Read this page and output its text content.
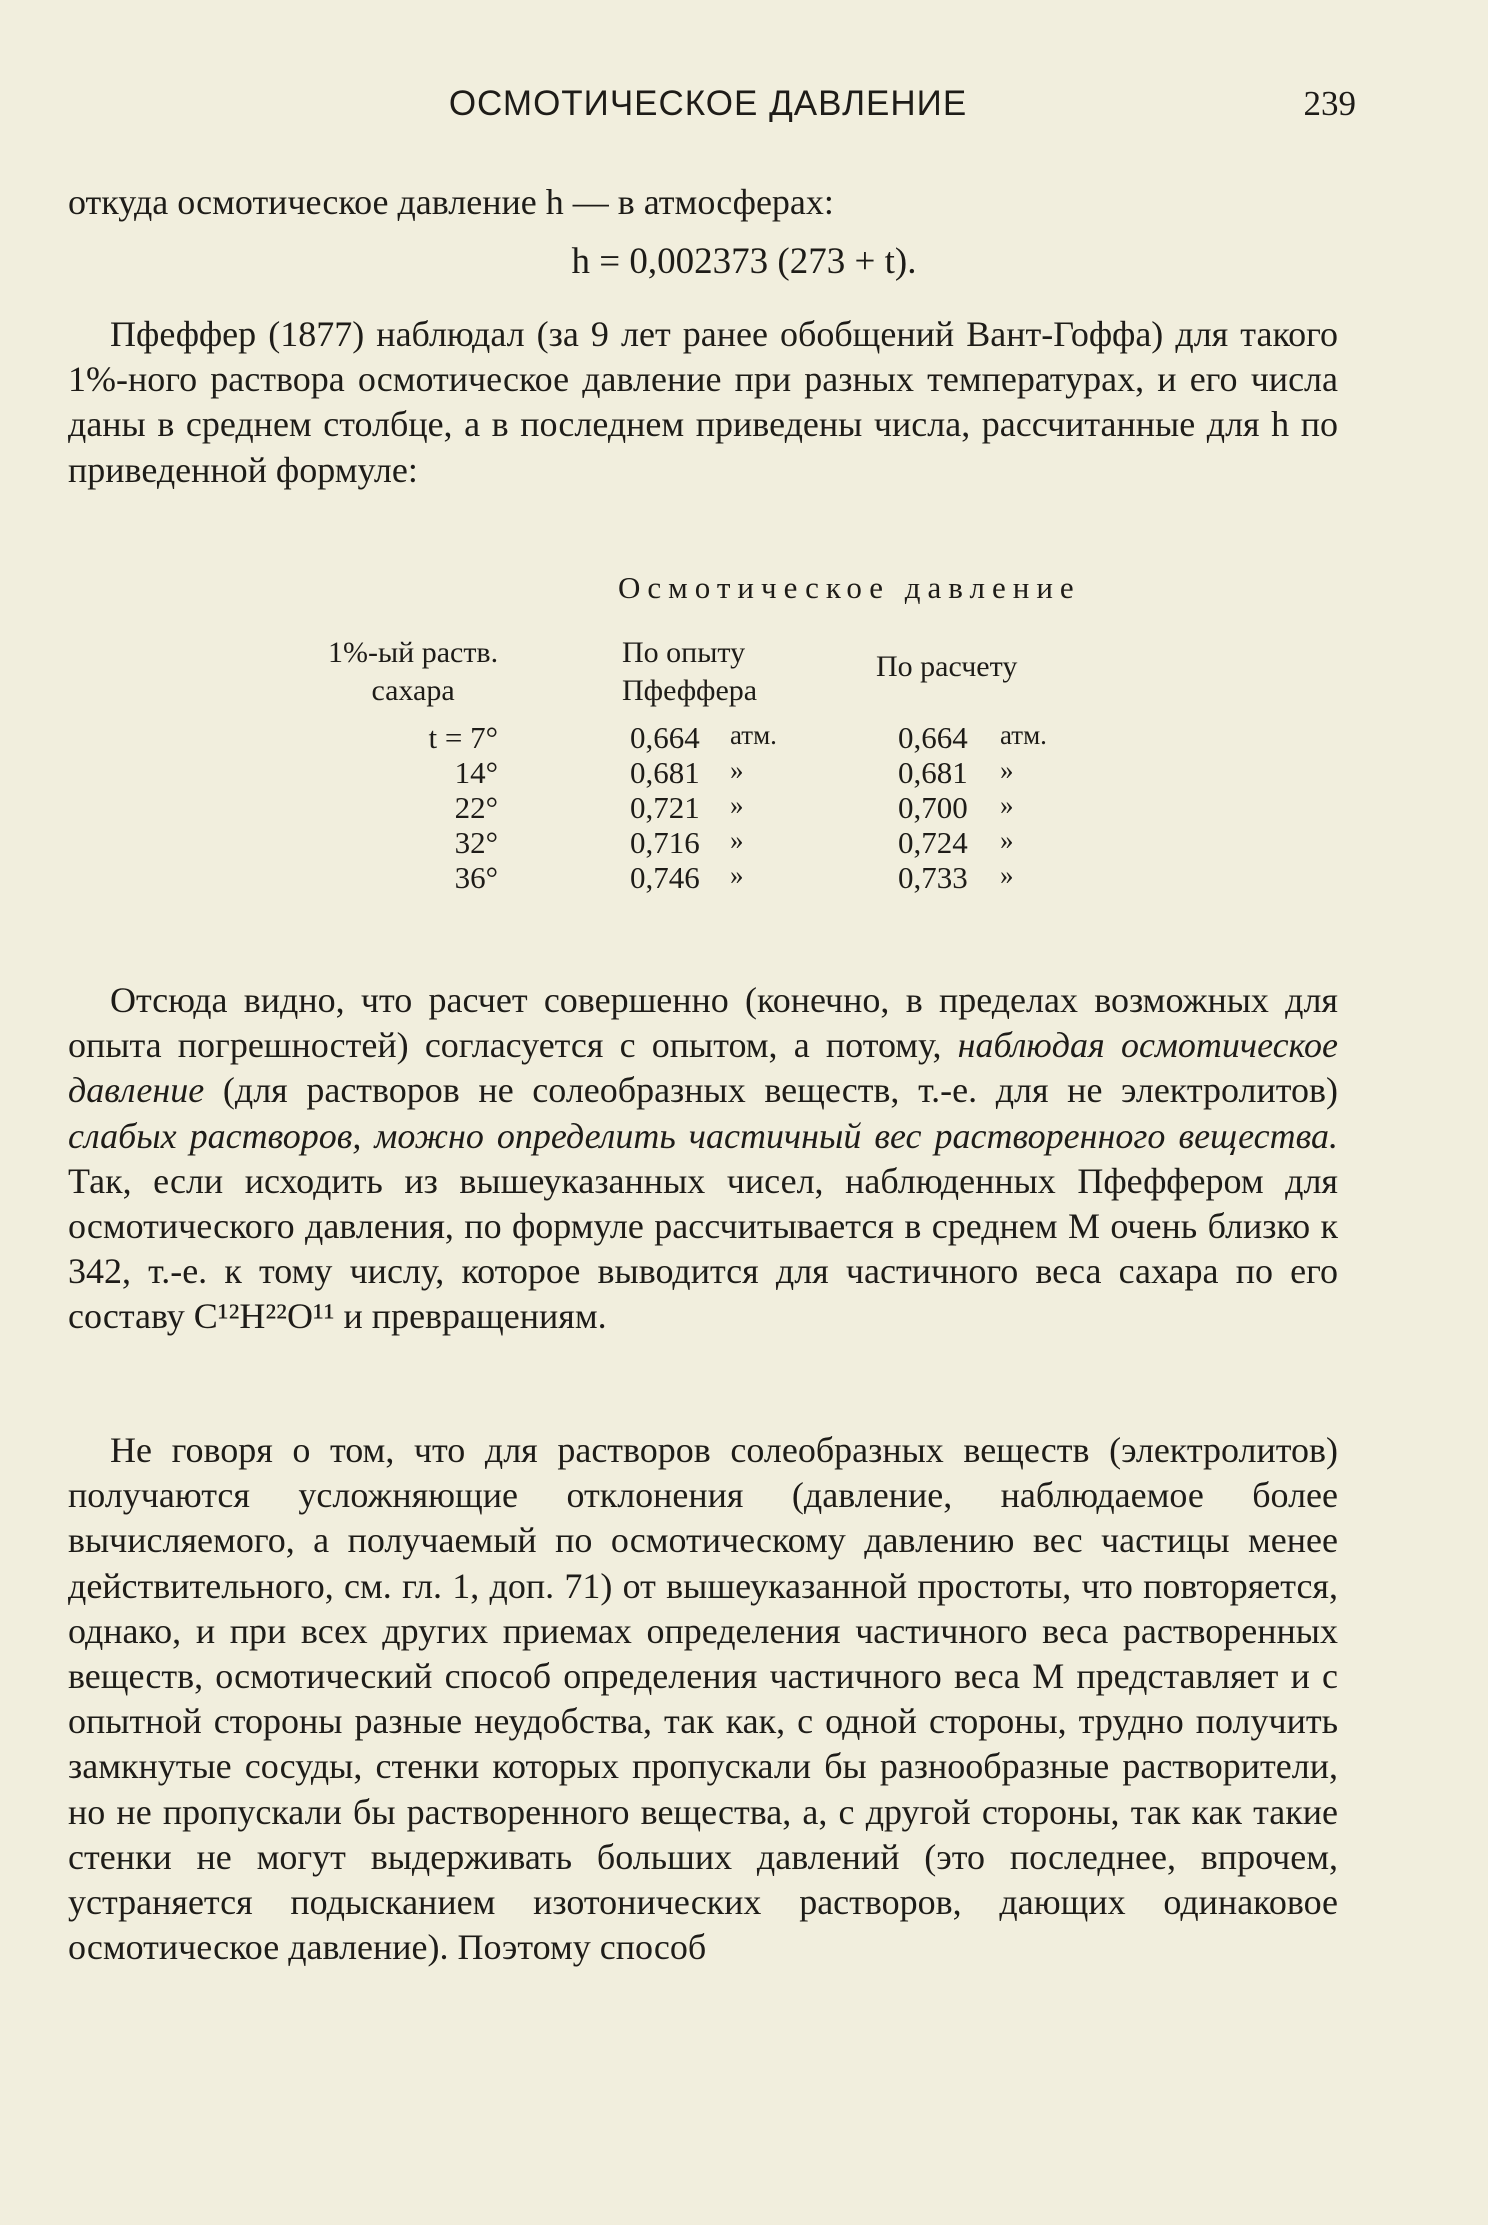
ОСМОТИЧЕСКОЕ ДАВЛЕНИЕ	239

откуда осмотическое давление h — в атмосферах:

h = 0,002373 (273 + t).

Пфеффер (1877) наблюдал (за 9 лет ранее обобщений Вант-Гоффа) для такого 1%-ного раствора осмотическое давление при разных температурах, и его числа даны в среднем столбце, а в последнем приведены числа, рассчитанные для h по приведенной формуле:

Осмотическое давление
1%-ый раств.
сахара
По опыту
Пфеффера
По расчету
t = 7°	0,664 атм.	0,664 атм.
14°	0,681 »	0,681 »
22°	0,721 »	0,700 »
32°	0,716 »	0,724 »
36°	0,746 »	0,733 »

Отсюда видно, что расчет совершенно (конечно, в пределах возможных для опыта погрешностей) согласуется с опытом, а потому, наблюдая осмотическое давление (для растворов не солеобразных веществ, т.-е. для не электролитов) слабых растворов, можно определить частичный вес растворенного вещества. Так, если исходить из вышеуказанных чисел, наблюденных Пфеффером для осмотического давления, по формуле рассчитывается в среднем М очень близко к 342, т.-е. к тому числу, которое выводится для частичного веса сахара по его составу C¹²H²²O¹¹ и превращениям.

Не говоря о том, что для растворов солеобразных веществ (электролитов) получаются усложняющие отклонения (давление, наблюдаемое более вычисляемого, а получаемый по осмотическому давлению вес частицы менее действительного, см. гл. 1, доп. 71) от вышеуказанной простоты, что повторяется, однако, и при всех других приемах определения частичного веса растворенных веществ, осмотический способ определения частичного веса М представляет и с опытной стороны разные неудобства, так как, с одной стороны, трудно получить замкнутые сосуды, стенки которых пропускали бы разнообразные растворители, но не пропускали бы растворенного вещества, а, с другой стороны, так как такие стенки не могут выдерживать больших давлений (это последнее, впрочем, устраняется подысканием изотонических растворов, дающих одинаковое осмотическое давление). Поэтому способ
